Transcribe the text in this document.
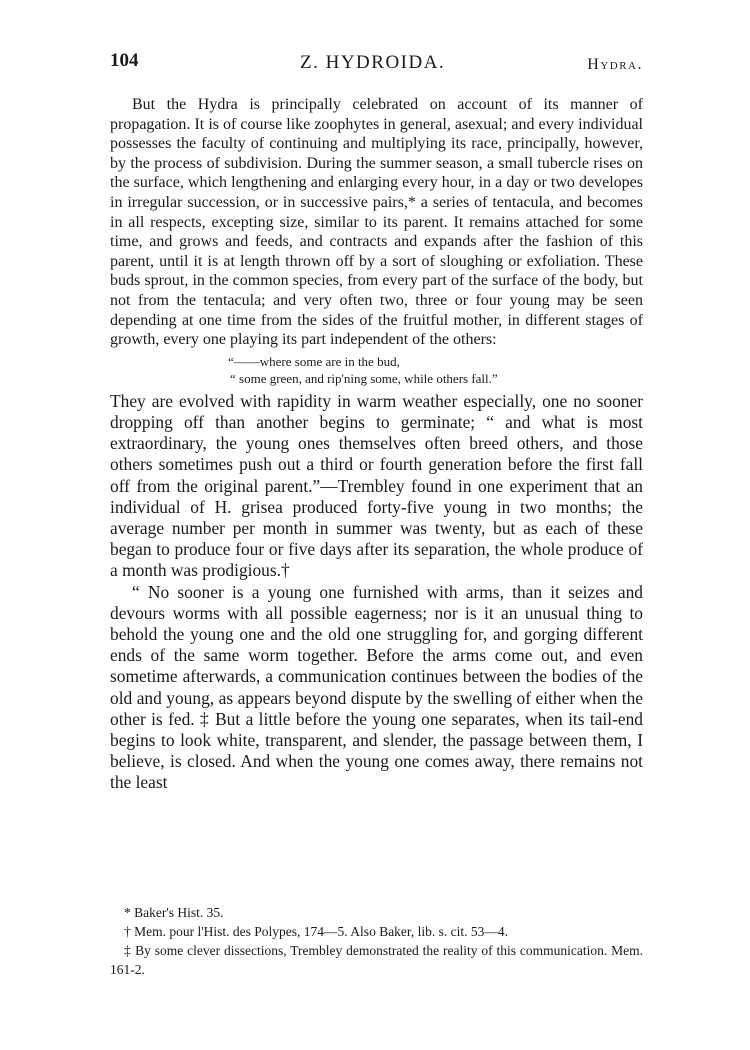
104	Z. HYDROIDA.	Hydra.

But the Hydra is principally celebrated on account of its manner of propagation. It is of course like zoophytes in general, asexual; and every individual possesses the faculty of continuing and multiplying its race, principally, however, by the process of subdivision. During the summer season, a small tubercle rises on the surface, which lengthening and enlarging every hour, in a day or two developes in irregular succession, or in successive pairs,* a series of tentacula, and becomes in all respects, excepting size, similar to its parent. It remains attached for some time, and grows and feeds, and contracts and expands after the fashion of this parent, until it is at length thrown off by a sort of sloughing or exfoliation. These buds sprout, in the common species, from every part of the surface of the body, but not from the tentacula; and very often two, three or four young may be seen depending at one time from the sides of the fruitful mother, in different stages of growth, every one playing its part independent of the others:

“——where some are in the bud,
“ some green, and rip'ning some, while others fall.”

They are evolved with rapidity in warm weather especially, one no sooner dropping off than another begins to germinate; “ and what is most extraordinary, the young ones themselves often breed others, and those others sometimes push out a third or fourth generation before the first fall off from the original parent.”—Trembley found in one experiment that an individual of H. grisea produced forty-five young in two months; the average number per month in summer was twenty, but as each of these began to produce four or five days after its separation, the whole produce of a month was prodigious.†

“ No sooner is a young one furnished with arms, than it seizes and devours worms with all possible eagerness; nor is it an unusual thing to behold the young one and the old one struggling for, and gorging different ends of the same worm together. Before the arms come out, and even sometime afterwards, a communication continues between the bodies of the old and young, as appears beyond dispute by the swelling of either when the other is fed. ‡ But a little before the young one separates, when its tail-end begins to look white, transparent, and slender, the passage between them, I believe, is closed. And when the young one comes away, there remains not the least

* Baker's Hist. 35.

† Mem. pour l'Hist. des Polypes, 174—5. Also Baker, lib. s. cit. 53—4.

‡ By some clever dissections, Trembley demonstrated the reality of this communication. Mem. 161-2.
